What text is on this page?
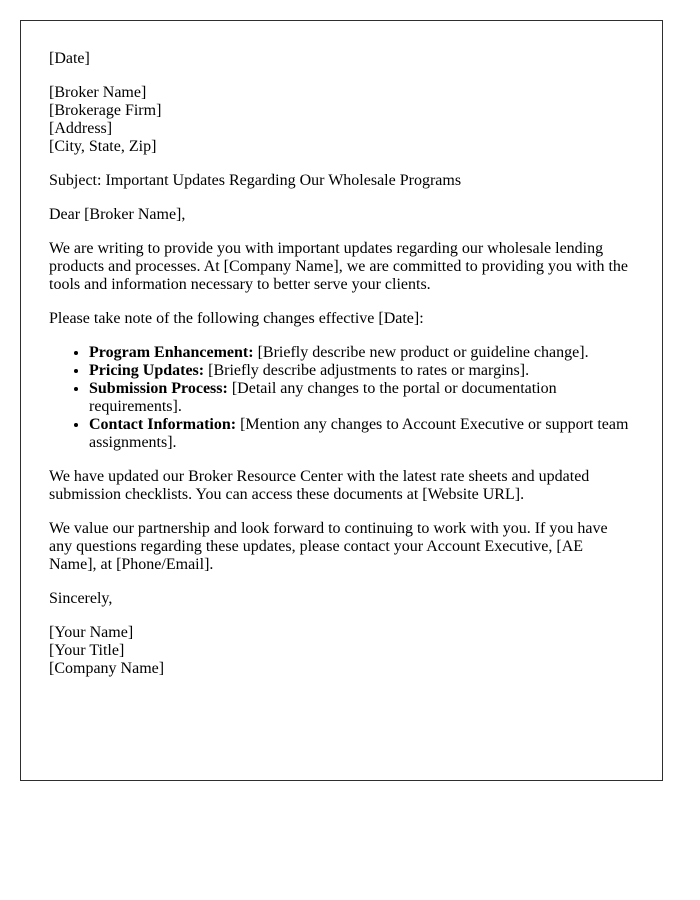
[Date]
[Broker Name]
[Brokerage Firm]
[Address]
[City, State, Zip]
Subject: Important Updates Regarding Our Wholesale Programs
Dear [Broker Name],
We are writing to provide you with important updates regarding our wholesale lending products and processes. At [Company Name], we are committed to providing you with the tools and information necessary to better serve your clients.
Please take note of the following changes effective [Date]:
• Program Enhancement: [Briefly describe new product or guideline change].
• Pricing Updates: [Briefly describe adjustments to rates or margins].
• Submission Process: [Detail any changes to the portal or documentation requirements].
• Contact Information: [Mention any changes to Account Executive or support team assignments].
We have updated our Broker Resource Center with the latest rate sheets and updated submission checklists. You can access these documents at [Website URL].
We value our partnership and look forward to continuing to work with you. If you have any questions regarding these updates, please contact your Account Executive, [AE Name], at [Phone/Email].
Sincerely,
[Your Name]
[Your Title]
[Company Name]
